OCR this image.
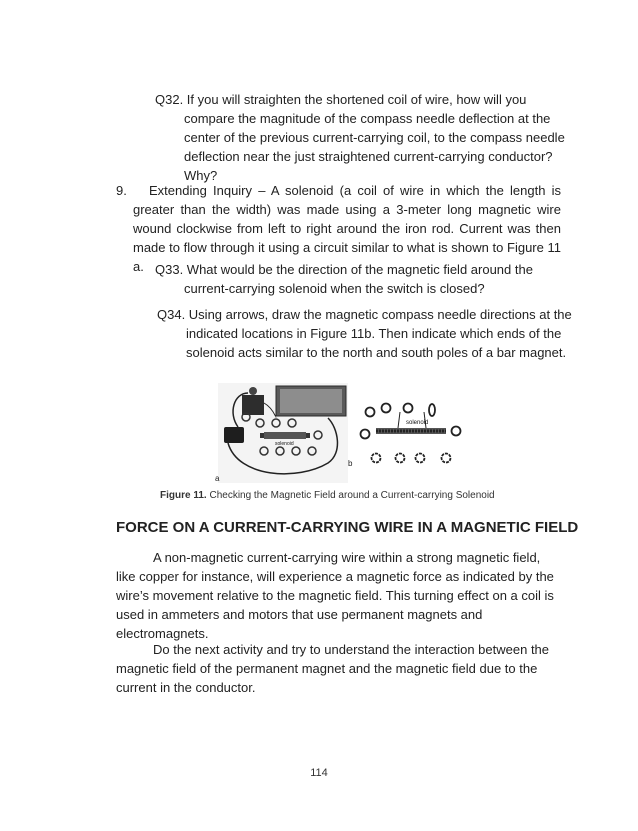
Q32. If you will straighten the shortened coil of wire, how will you compare the magnitude of the compass needle deflection at the center of the previous current-carrying coil, to the compass needle deflection near the just straightened current-carrying conductor? Why?

9.	Extending Inquiry – A solenoid (a coil of wire in which the length is greater than the width) was made using a 3-meter long magnetic wire wound clockwise from left to right around the iron rod. Current was then made to flow through it using a circuit similar to what is shown to Figure 11 a. Q33. What would be the direction of the magnetic field around the current-carrying solenoid when the switch is closed?

Q34. Using arrows, draw the magnetic compass needle directions at the indicated locations in Figure 11b. Then indicate which ends of the solenoid acts similar to the north and south poles of a bar magnet.

solenoid
a
solenoid
b
Figure 11. Checking the Magnetic Field around a Current-carrying Solenoid
FORCE ON A CURRENT-CARRYING WIRE IN A MAGNETIC FIELD

A non-magnetic current-carrying wire within a strong magnetic field, like copper for instance, will experience a magnetic force as indicated by the wire’s movement relative to the magnetic field. This turning effect on a coil is used in ammeters and motors that use permanent magnets and electromagnets.

Do the next activity and try to understand the interaction between the magnetic field of the permanent magnet and the magnetic field due to the current in the conductor.

114
